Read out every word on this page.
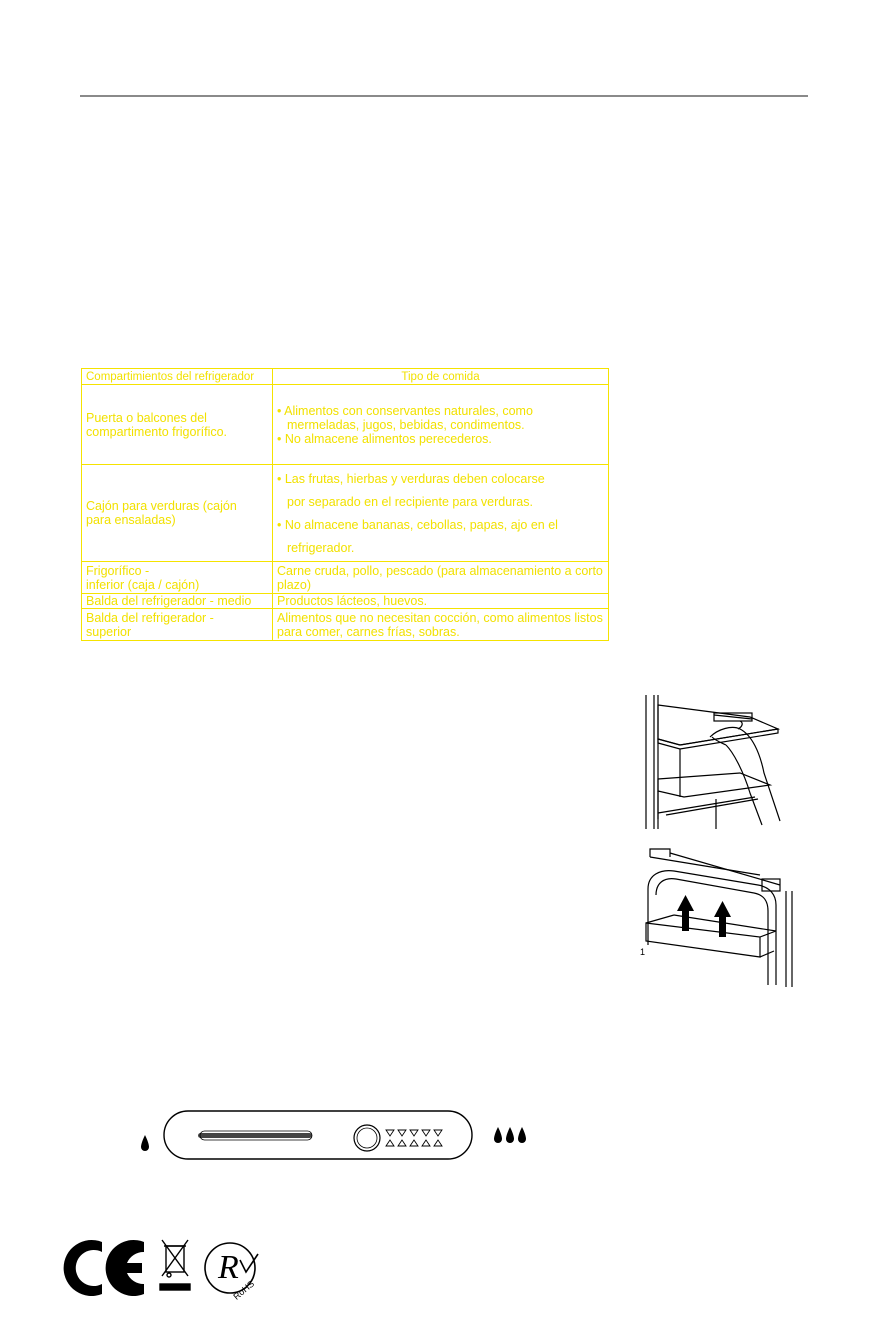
Compartimientos del refrigerador	Tipo de comida

Puerta o balcones del compartimento frigorífico.	• Alimentos con conservantes naturales, como
mermeladas, jugos, bebidas, condimentos.
• No almacene alimentos perecederos.

Cajón para verduras (cajón para ensaladas)	• Las frutas, hierbas y verduras deben colocarse
por separado en el recipiente para verduras.
• No almacene bananas, cebollas, papas, ajo en el
refrigerador.

Frigorífico -
inferior (caja / cajón)	Carne cruda, pollo, pescado (para almacenamiento a corto plazo)
Balda del refrigerador - medio	Productos lácteos, huevos.

Balda del refrigerador -
superior	Alimentos que no necesitan cocción, como alimentos listos para comer, carnes frías, sobras.
1
R
RoHS
